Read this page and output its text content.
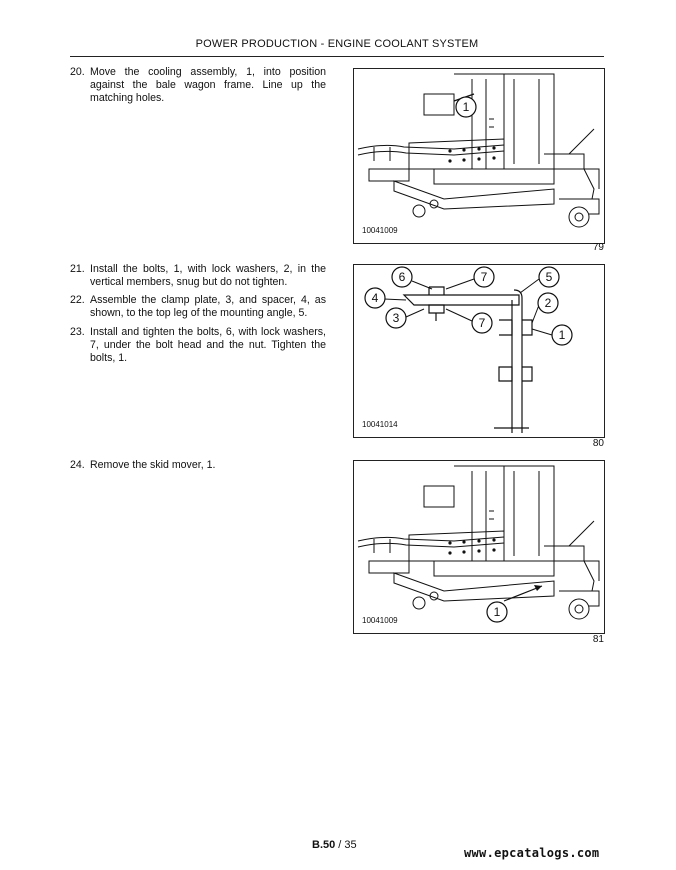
POWER PRODUCTION - ENGINE COOLANT SYSTEM
20. Move the cooling assembly, 1, into position against the bale wagon frame. Line up the matching holes.
1
10041009
79
21. Install the bolts, 1, with lock washers, 2, in the vertical members, snug but do not tighten.
22. Assemble the clamp plate, 3, and spacer, 4, as shown, to the top leg of the mounting angle, 5.
23. Install and tighten the bolts, 6, with lock washers, 7, under the bolt head and the nut. Tighten the bolts, 1.
6	7	5
4	2
3	7
1
10041014
80
24. Remove the skid mover, 1.
1
10041009
81
B.50 / 35
www.epcatalogs.com
